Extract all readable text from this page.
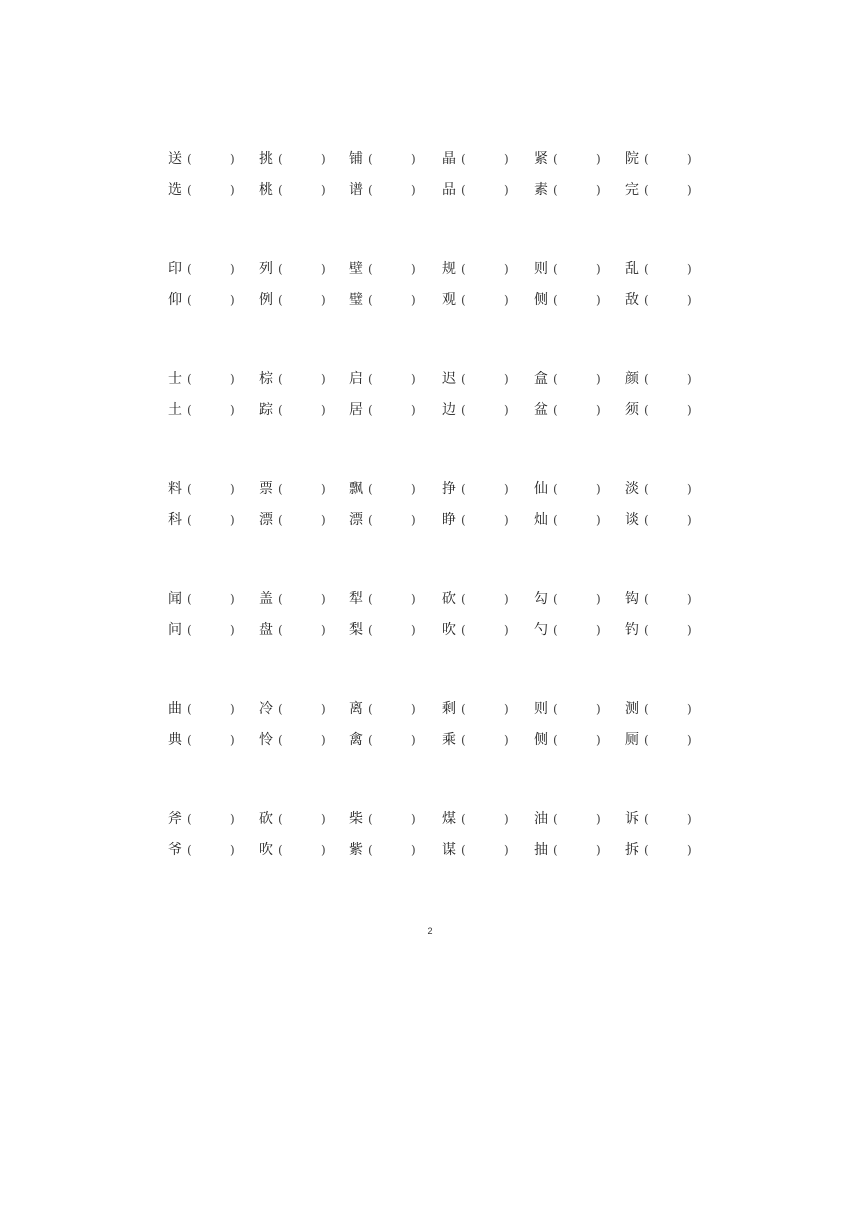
送 (	) 挑 (	) 铺 (	) 晶 (	) 紧 (	) 院 (	)
选 (	) 桃 (	) 谱 (	) 品 (	) 素 (	) 完 (	)
印 (	) 列 (	) 壁 (	) 规 (	) 则 (	) 乱 (	)
仰 (	) 例 (	) 璧 (	) 观 (	) 侧 (	) 敌 (	)
士 (	) 棕 (	) 启 (	) 迟 (	) 盒 (	) 颜 (	)
土 (	) 踪 (	) 居 (	) 边 (	) 盆 (	) 须 (	)
料 (	) 票 (	) 飘 (	) 挣 (	) 仙 (	) 淡 (	)
科 (	) 漂 (	) 漂 (	) 睁 (	) 灿 (	) 谈 (	)
闻 (	) 盖 (	) 犁 (	) 砍 (	) 勾 (	) 钩 (	)
问 (	) 盘 (	) 梨 (	) 吹 (	) 勺 (	) 钓 (	)
曲 (	) 冷 (	) 离 (	) 剩 (	) 则 (	) 测 (	)
典 (	) 怜 (	) 禽 (	) 乘 (	) 侧 (	) 厕 (	)
斧 (	) 砍 (	) 柴 (	) 煤 (	) 油 (	) 诉 (	)
爷 (	) 吹 (	) 紫 (	) 谋 (	) 抽 (	) 拆 (	)
2
